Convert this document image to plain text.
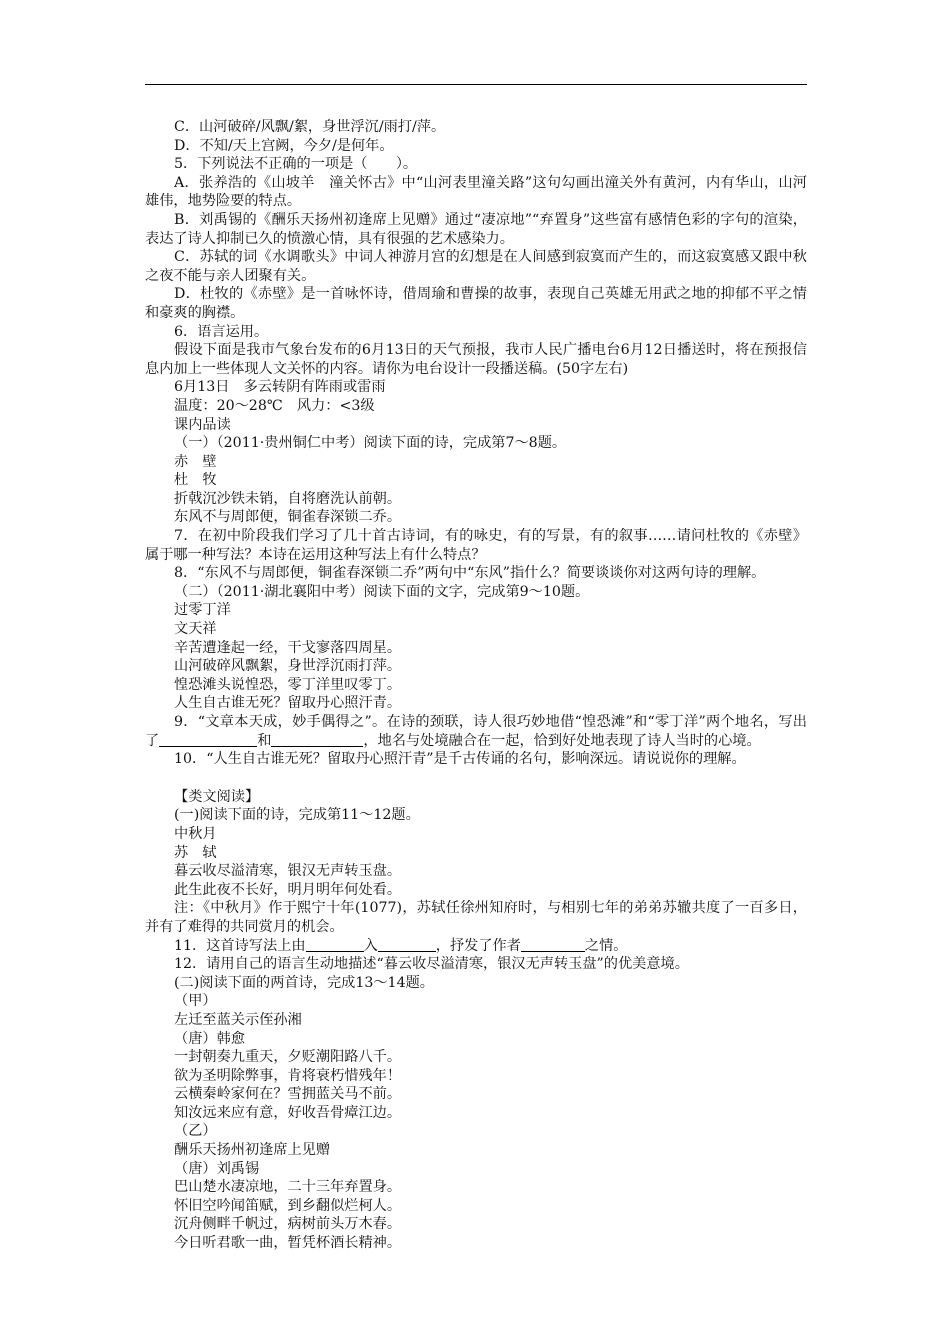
C．山河破碎/风飘/絮，身世浮沉/雨打/萍。

D．不知/天上宫阙，今夕/是何年。

5．下列说法不正确的一项是（　　）。

A．张养浩的《山坡羊　潼关怀古》中“山河表里潼关路”这句勾画出潼关外有黄河，内有华山，山河雄伟，地势险要的特点。

B．刘禹锡的《酬乐天扬州初逢席上见赠》通过“凄凉地”“弃置身”这些富有感情色彩的字句的渲染，表达了诗人抑制已久的愤激心情，具有很强的艺术感染力。

C．苏轼的词《水调歌头》中词人神游月宫的幻想是在人间感到寂寞而产生的，而这寂寞感又跟中秋之夜不能与亲人团聚有关。

D．杜牧的《赤壁》是一首咏怀诗，借周瑜和曹操的故事，表现自己英雄无用武之地的抑郁不平之情和豪爽的胸襟。

6．语言运用。

假设下面是我市气象台发布的6月13日的天气预报，我市人民广播电台6月12日播送时，将在预报信息内加上一些体现人文关怀的内容。请你为电台设计一段播送稿。(50字左右)

6月13日　多云转阴有阵雨或雷雨

温度：20～28℃　风力：<3级

课内品读

（一）（2011·贵州铜仁中考）阅读下面的诗，完成第7～8题。

赤　壁

杜　牧

折戟沉沙铁未销，自将磨洗认前朝。

东风不与周郎便，铜雀春深锁二乔。

7．在初中阶段我们学习了几十首古诗词，有的咏史，有的写景，有的叙事……请问杜牧的《赤壁》属于哪一种写法？本诗在运用这种写法上有什么特点？

8．“东风不与周郎便，铜雀春深锁二乔”两句中“东风”指什么？简要谈谈你对这两句诗的理解。

（二）（2011·湖北襄阳中考）阅读下面的文字，完成第9～10题。

过零丁洋

文天祥

辛苦遭逢起一经，干戈寥落四周星。

山河破碎风飘絮，身世浮沉雨打萍。

惶恐滩头说惶恐，零丁洋里叹零丁。

人生自古谁无死？留取丹心照汗青。

9．“文章本天成，妙手偶得之”。在诗的颈联，诗人很巧妙地借“惶恐滩”和“零丁洋”两个地名，写出了	和	，地名与处境融合在一起，恰到好处地表现了诗人当时的心境。

10．“人生自古谁无死？留取丹心照汗青”是千古传诵的名句，影响深远。请说说你的理解。

【类文阅读】

(一)阅读下面的诗，完成第11～12题。

中秋月

苏　轼

暮云收尽溢清寒，银汉无声转玉盘。

此生此夜不长好，明月明年何处看。

注：《中秋月》作于熙宁十年(1077)，苏轼任徐州知府时，与相别七年的弟弟苏辙共度了一百多日，并有了难得的共同赏月的机会。

11．这首诗写法上由	入	，抒发了作者	之情。

12．请用自己的语言生动地描述“暮云收尽溢清寒，银汉无声转玉盘”的优美意境。

(二)阅读下面的两首诗，完成13～14题。

（甲）

左迁至蓝关示侄孙湘

（唐）韩愈

一封朝奏九重天，夕贬潮阳路八千。

欲为圣明除弊事，肯将衰朽惜残年！

云横秦岭家何在？雪拥蓝关马不前。

知汝远来应有意，好收吾骨瘴江边。

（乙）

酬乐天扬州初逢席上见赠

（唐）刘禹锡

巴山楚水凄凉地，二十三年弃置身。

怀旧空吟闻笛赋，到乡翻似烂柯人。

沉舟侧畔千帆过，病树前头万木春。

今日听君歌一曲，暂凭杯酒长精神。
